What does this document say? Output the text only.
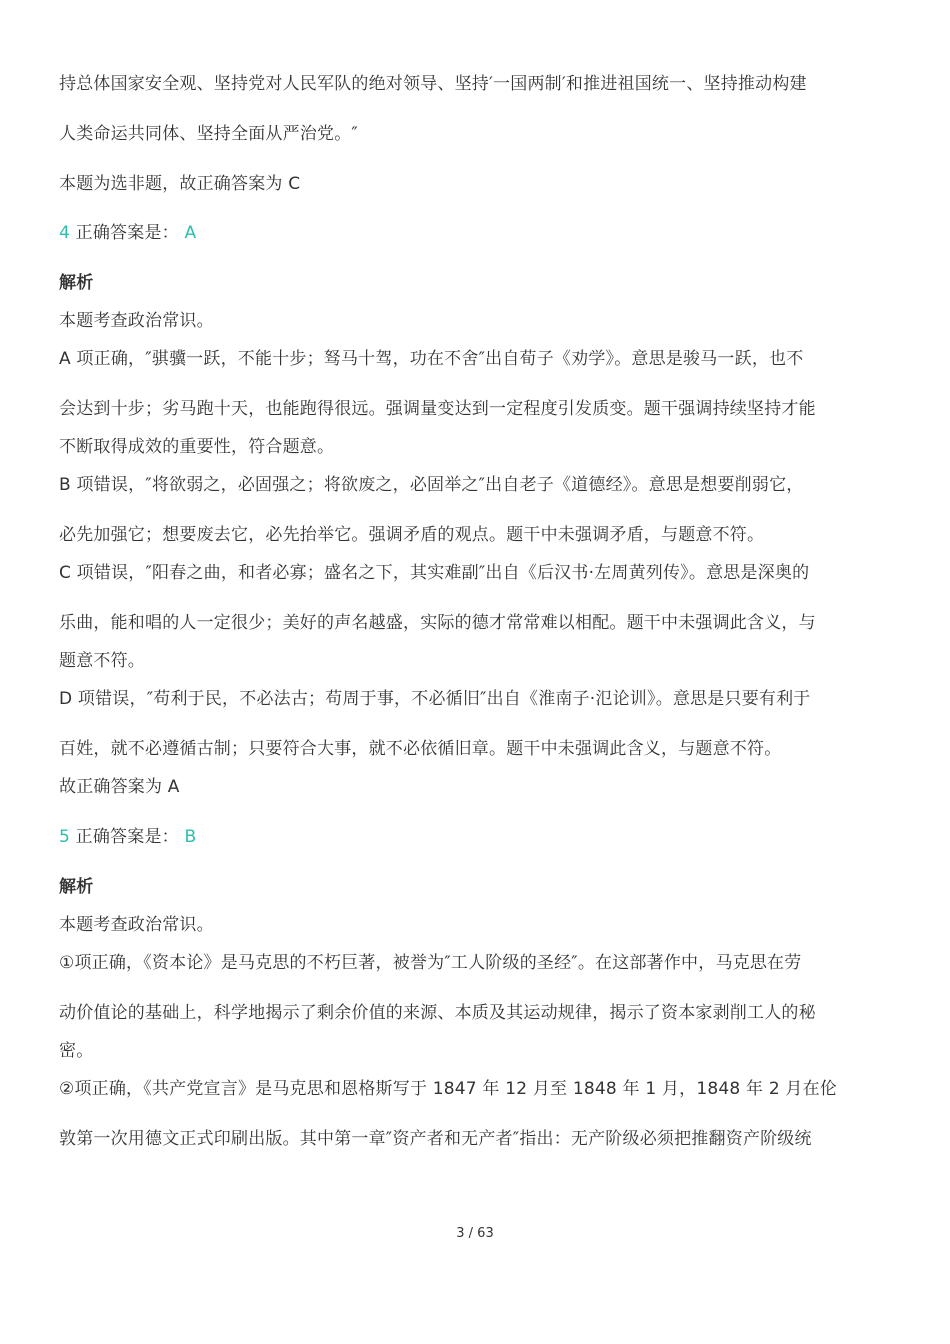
持总体国家安全观、坚持党对人民军队的绝对领导、坚持′一国两制′和推进祖国统一、坚持推动构建
人类命运共同体、坚持全面从严治党。″
本题为选非题，故正确答案为 C
4 正确答案是： A
解析
本题考查政治常识。
A 项正确，″骐骥一跃，不能十步；驽马十驾，功在不舍″出自荀子《劝学》。意思是骏马一跃，也不
会达到十步；劣马跑十天，也能跑得很远。强调量变达到一定程度引发质变。题干强调持续坚持才能
不断取得成效的重要性，符合题意。
B 项错误，″将欲弱之，必固强之；将欲废之，必固举之″出自老子《道德经》。意思是想要削弱它，
必先加强它；想要废去它，必先抬举它。强调矛盾的观点。题干中未强调矛盾，与题意不符。
C 项错误，″阳春之曲，和者必寡；盛名之下，其实难副″出自《后汉书·左周黄列传》。意思是深奥的
乐曲，能和唱的人一定很少；美好的声名越盛，实际的德才常常难以相配。题干中未强调此含义，与
题意不符。
D 项错误，″苟利于民，不必法古；苟周于事，不必循旧″出自《淮南子·氾论训》。意思是只要有利于
百姓，就不必遵循古制；只要符合大事，就不必依循旧章。题干中未强调此含义，与题意不符。
故正确答案为 A
5 正确答案是： B
解析
本题考查政治常识。
①项正确，《资本论》是马克思的不朽巨著，被誉为″工人阶级的圣经″。在这部著作中，马克思在劳
动价值论的基础上，科学地揭示了剩余价值的来源、本质及其运动规律，揭示了资本家剥削工人的秘
密。
②项正确，《共产党宣言》是马克思和恩格斯写于 1847 年 12 月至 1848 年 1 月，1848 年 2 月在伦
敦第一次用德文正式印刷出版。其中第一章″资产者和无产者″指出：无产阶级必须把推翻资产阶级统
3 / 63
